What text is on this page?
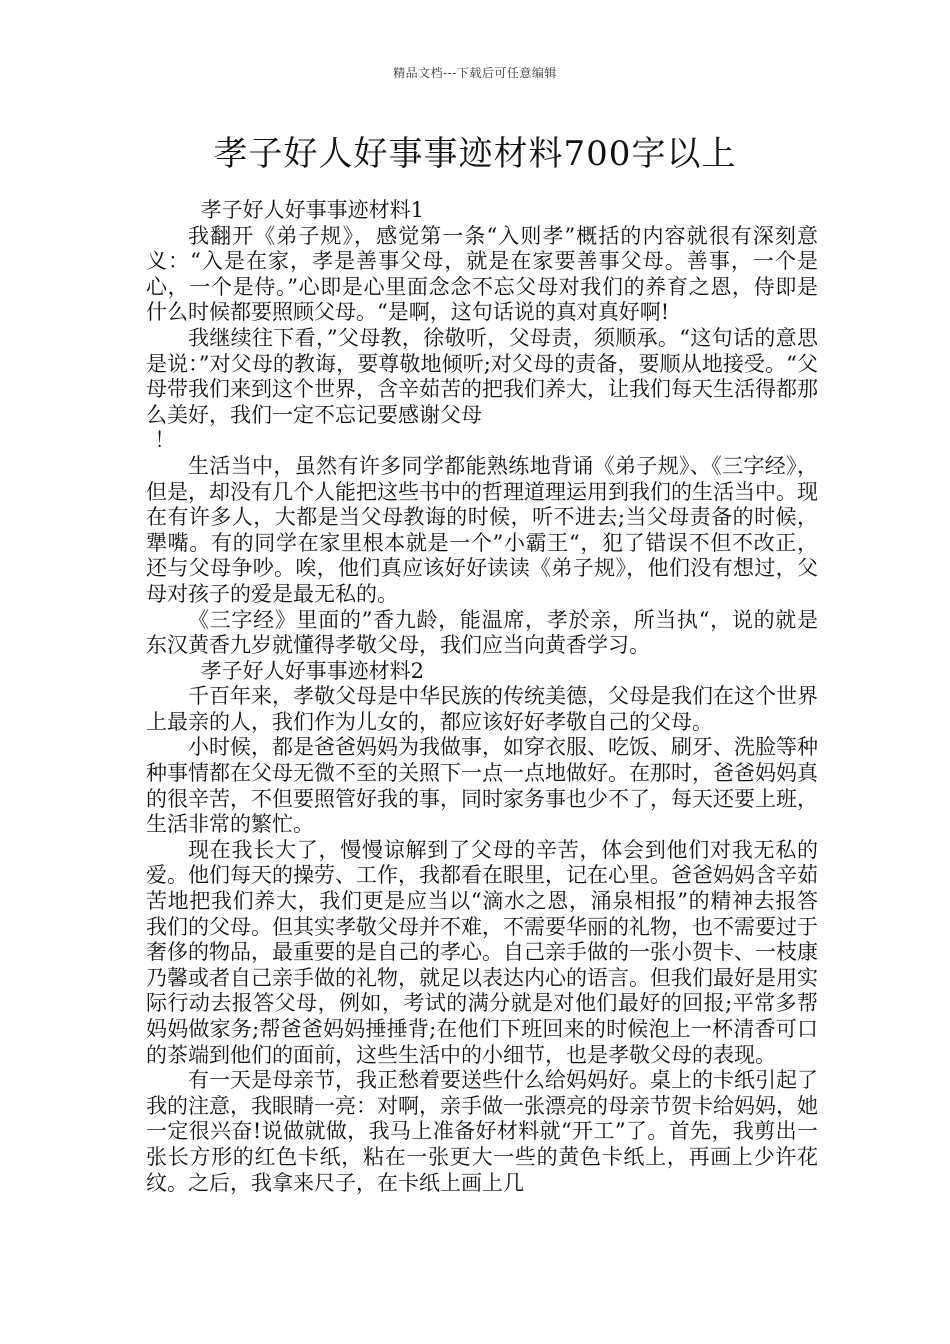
精品文档---下载后可任意编辑
孝子好人好事事迹材料700字以上

孝子好人好事事迹材料1

我翻开《弟子规》，感觉第一条“入则孝”概括的内容就很有深刻意义：“入是在家，孝是善事父母，就是在家要善事父母。善事，一个是心，一个是侍。”心即是心里面念念不忘父母对我们的养育之恩，侍即是什么时候都要照顾父母。“是啊，这句话说的真对真好啊!

我继续往下看，”父母教，徐敬听，父母责，须顺承。“这句话的意思是说：”对父母的教诲，要尊敬地倾听;对父母的责备，要顺从地接受。“父母带我们来到这个世界，含辛茹苦的把我们养大，让我们每天生活得都那么美好，我们一定不忘记要感谢父母

！

生活当中，虽然有许多同学都能熟练地背诵《弟子规》、《三字经》，但是，却没有几个人能把这些书中的哲理道理运用到我们的生活当中。现在有许多人，大都是当父母教诲的时候，听不进去;当父母责备的时候，犟嘴。有的同学在家里根本就是一个”小霸王“，犯了错误不但不改正，还与父母争吵。唉，他们真应该好好读读《弟子规》，他们没有想过，父母对孩子的爱是最无私的。

《三字经》里面的”香九龄，能温席，孝於亲，所当执“，说的就是东汉黄香九岁就懂得孝敬父母，我们应当向黄香学习。

孝子好人好事事迹材料2

千百年来，孝敬父母是中华民族的传统美德，父母是我们在这个世界上最亲的人，我们作为儿女的，都应该好好孝敬自己的父母。

小时候，都是爸爸妈妈为我做事，如穿衣服、吃饭、刷牙、洗脸等种种事情都在父母无微不至的关照下一点一点地做好。在那时，爸爸妈妈真的很辛苦，不但要照管好我的事，同时家务事也少不了，每天还要上班，生活非常的繁忙。

现在我长大了，慢慢谅解到了父母的辛苦，体会到他们对我无私的爱。他们每天的操劳、工作，我都看在眼里，记在心里。爸爸妈妈含辛茹苦地把我们养大，我们更是应当以“滴水之恩，涌泉相报”的精神去报答我们的父母。但其实孝敬父母并不难，不需要华丽的礼物，也不需要过于奢侈的物品，最重要的是自己的孝心。自己亲手做的一张小贺卡、一枝康乃馨或者自己亲手做的礼物，就足以表达内心的语言。但我们最好是用实际行动去报答父母，例如，考试的满分就是对他们最好的回报;平常多帮妈妈做家务;帮爸爸妈妈捶捶背;在他们下班回来的时候泡上一杯清香可口的茶端到他们的面前，这些生活中的小细节，也是孝敬父母的表现。

有一天是母亲节，我正愁着要送些什么给妈妈好。桌上的卡纸引起了我的注意，我眼睛一亮：对啊，亲手做一张漂亮的母亲节贺卡给妈妈，她一定很兴奋!说做就做，我马上准备好材料就“开工”了。首先，我剪出一张长方形的红色卡纸，粘在一张更大一些的黄色卡纸上，再画上少许花纹。之后，我拿来尺子，在卡纸上画上几
